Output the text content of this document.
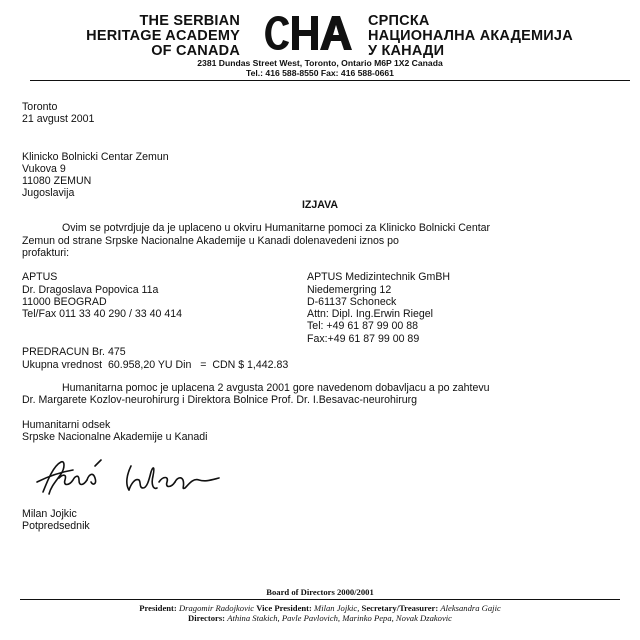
THE SERBIAN
HERITAGE ACADEMY
OF CANADA	СНА
СРПСКА
НАЦИОНАЛНА АКАДЕМИЈА
У КАНАДИ
2381 Dundas Street West, Toronto, Ontario M6P 1X2 Canada
Tel.: 416 588-8550 Fax: 416 588-0661
Toronto
21 avgust 2001
Klinicko Bolnicki Centar Zemun
Vukova 9
11080 ZEMUN
Jugoslavija
IZJAVA
Ovim se potvrdjuje da je uplaceno u okviru Humanitarne pomoci za Klinicko Bolnicki Centar
Zemun od strane Srpske Nacionalne Akademije u Kanadi dolenavedeni iznos po
profakturi:
APTUS
Dr. Dragoslava Popovica 11a
11000 BEOGRAD
Tel/Fax 011 33 40 290 / 33 40 414
APTUS Medizintechnik GmBH
Niedemergring 12
D-61137 Schoneck
Attn: Dipl. Ing.Erwin Riegel
Tel: +49 61 87 99 00 88
Fax:+49 61 87 99 00 89
PREDRACUN Br. 475
Ukupna vrednost  60.958,20 YU Din   =  CDN $ 1,442.83
Humanitarna pomoc je uplacena 2 avgusta 2001 gore navedenom dobavljacu a po zahtevu
Dr. Margarete Kozlov-neurohirurg i Direktora Bolnice Prof. Dr. I.Besavac-neurohirurg
Humanitarni odsek
Srpske Nacionalne Akademije u Kanadi
Jojkić Milan
Milan Jojkic
Potpredsednik
Board of Directors 2000/2001
President: Dragomir Radojkovic Vice President: Milan Jojkic, Secretary/Treasurer: Aleksandra Gajic
Directors: Athina Stakich, Pavle Pavlovich, Marinko Pepa, Novak Dzakovic
